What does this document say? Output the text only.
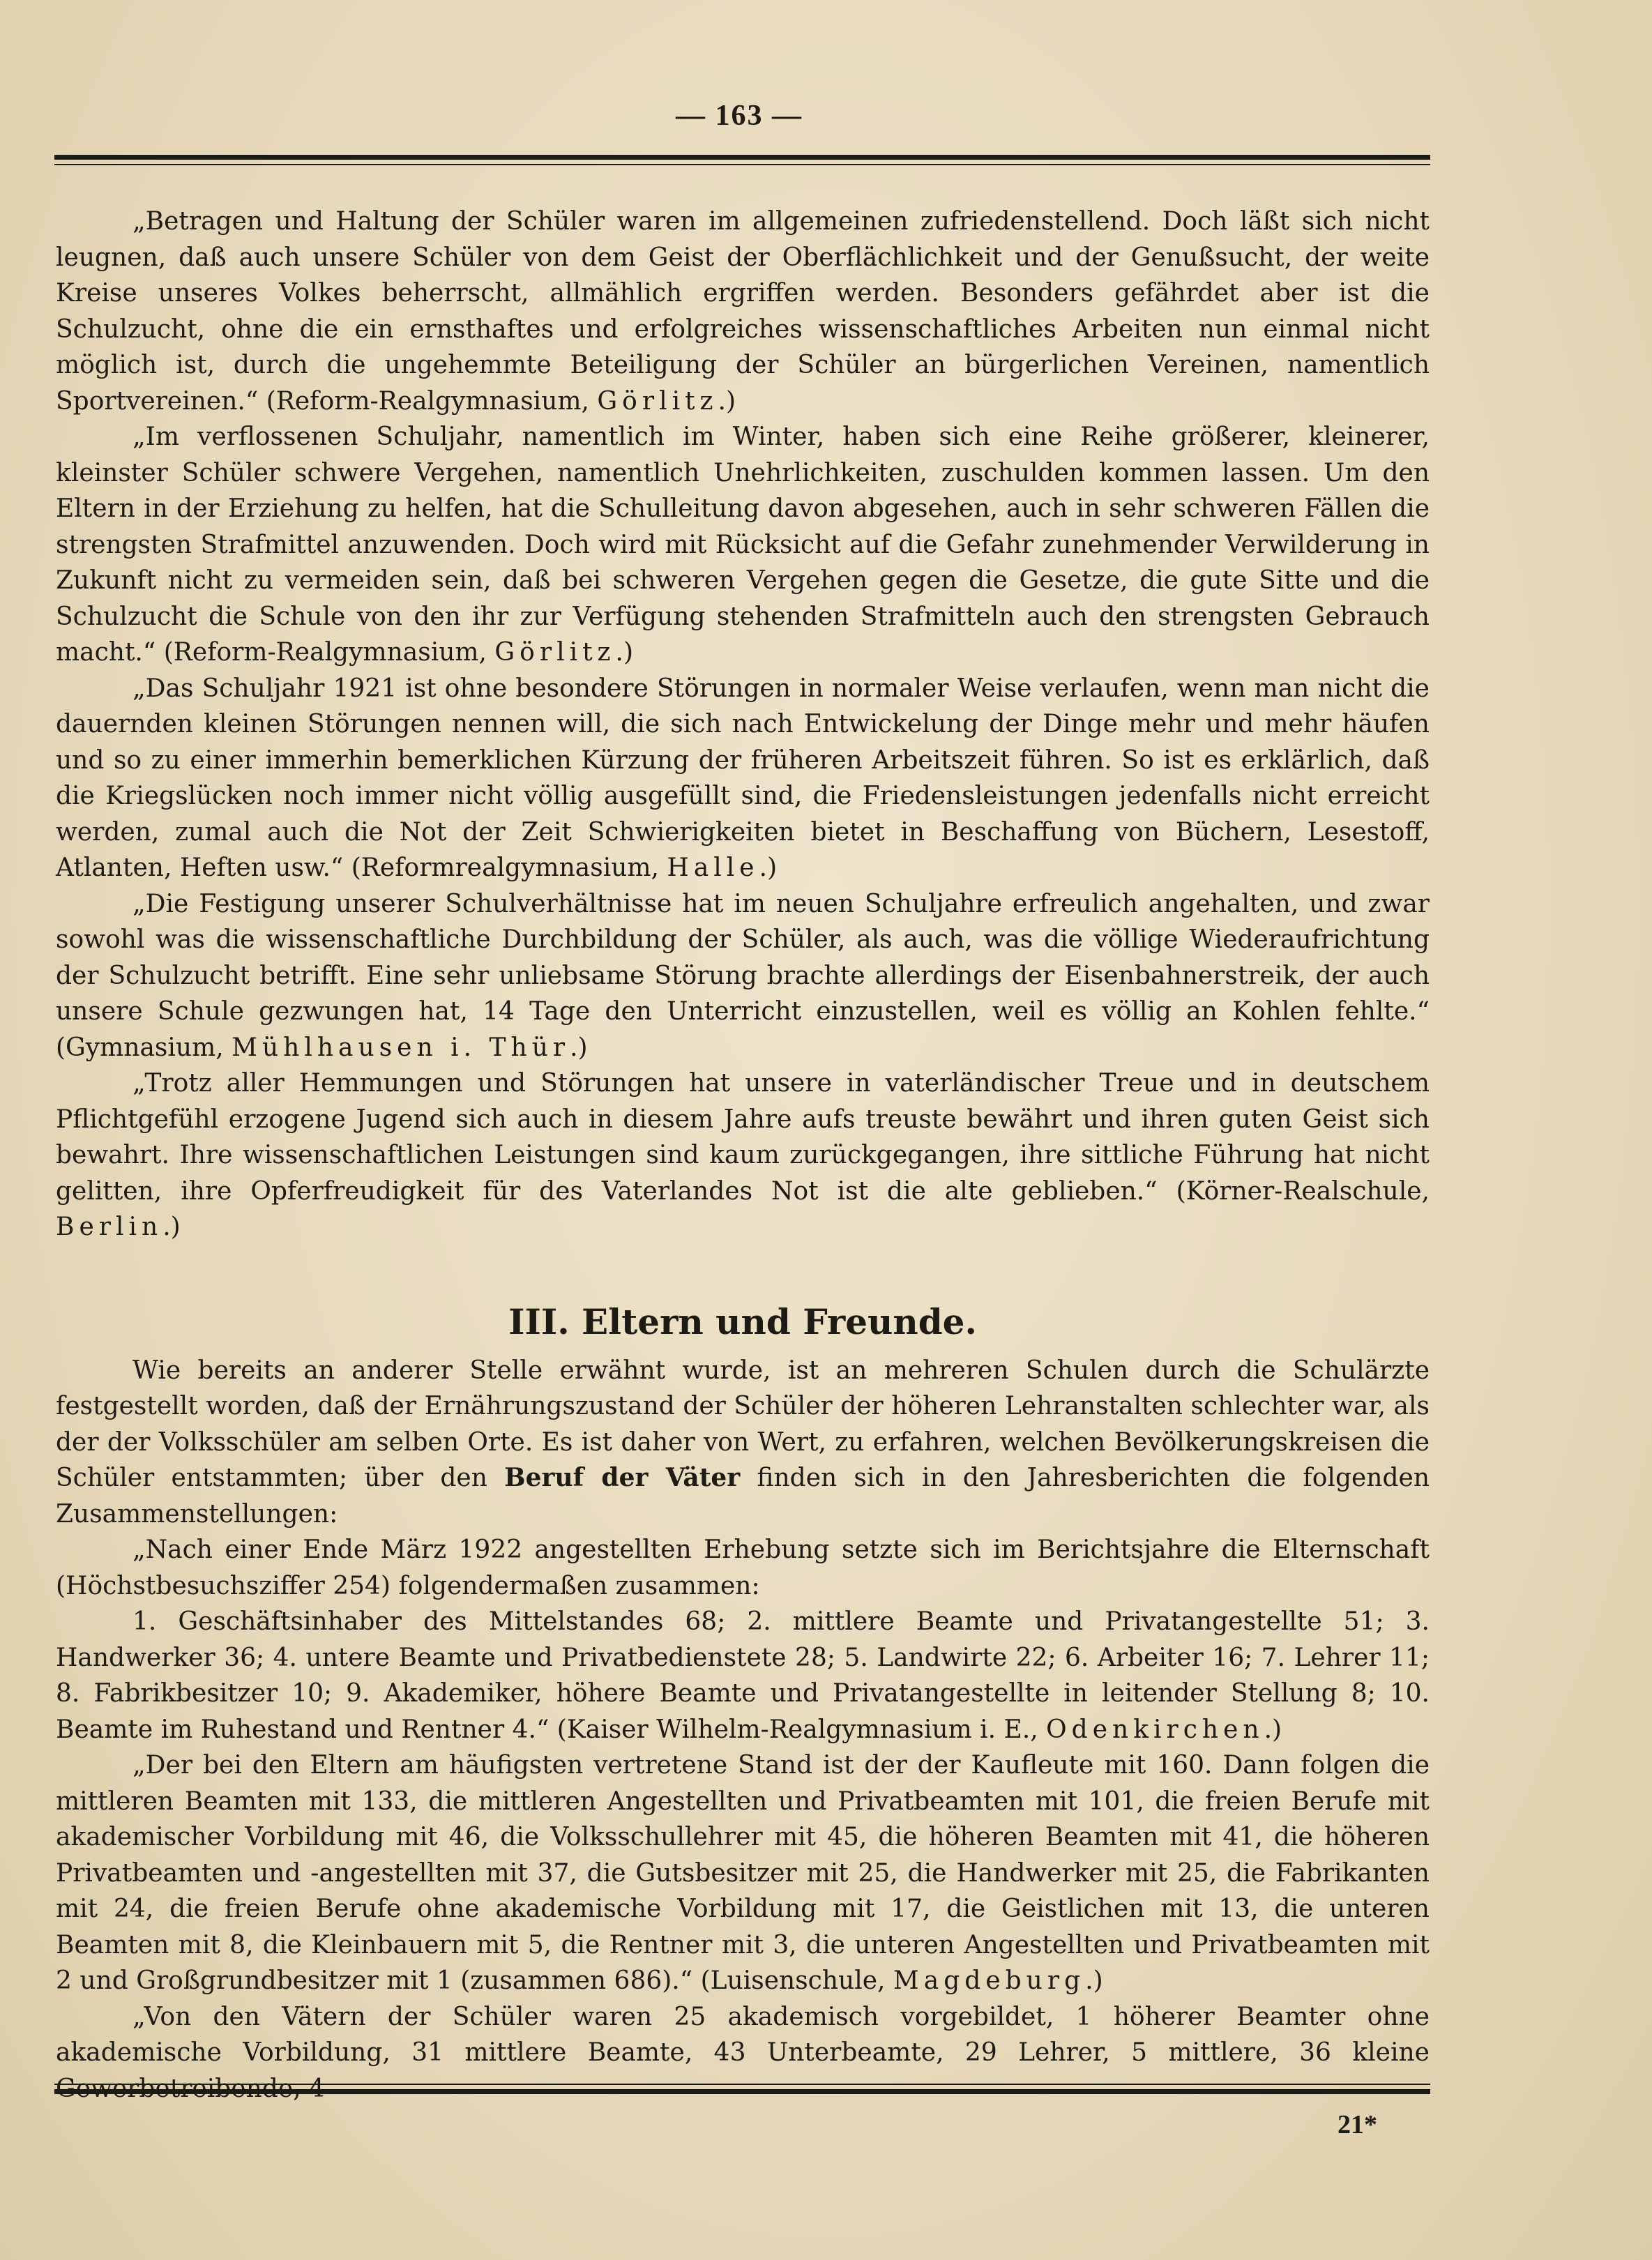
— 163 —

„Betragen und Haltung der Schüler waren im allgemeinen zufriedenstellend. Doch läßt sich nicht leugnen, daß auch unsere Schüler von dem Geist der Oberflächlichkeit und der Genußsucht, der weite Kreise unseres Volkes beherrscht, allmählich ergriffen werden. Besonders gefährdet aber ist die Schulzucht, ohne die ein ernsthaftes und erfolgreiches wissenschaftliches Arbeiten nun einmal nicht möglich ist, durch die ungehemmte Beteiligung der Schüler an bürgerlichen Vereinen, namentlich Sportvereinen.“ (Reform-Realgymnasium, Görlitz.)

„Im verflossenen Schuljahr, namentlich im Winter, haben sich eine Reihe größerer, kleinerer, kleinster Schüler schwere Vergehen, namentlich Unehrlichkeiten, zuschulden kommen lassen. Um den Eltern in der Erziehung zu helfen, hat die Schulleitung davon abgesehen, auch in sehr schweren Fällen die strengsten Strafmittel anzuwenden. Doch wird mit Rücksicht auf die Gefahr zunehmender Verwilderung in Zukunft nicht zu vermeiden sein, daß bei schweren Vergehen gegen die Gesetze, die gute Sitte und die Schulzucht die Schule von den ihr zur Verfügung stehenden Strafmitteln auch den strengsten Gebrauch macht.“ (Reform-Realgymnasium, Görlitz.)

„Das Schuljahr 1921 ist ohne besondere Störungen in normaler Weise verlaufen, wenn man nicht die dauernden kleinen Störungen nennen will, die sich nach Entwickelung der Dinge mehr und mehr häufen und so zu einer immerhin bemerklichen Kürzung der früheren Arbeitszeit führen. So ist es erklärlich, daß die Kriegslücken noch immer nicht völlig ausgefüllt sind, die Friedensleistungen jedenfalls nicht erreicht werden, zumal auch die Not der Zeit Schwierigkeiten bietet in Beschaffung von Büchern, Lesestoff, Atlanten, Heften usw.“ (Reformrealgymnasium, Halle.)

„Die Festigung unserer Schulverhältnisse hat im neuen Schuljahre erfreulich angehalten, und zwar sowohl was die wissenschaftliche Durchbildung der Schüler, als auch, was die völlige Wiederaufrichtung der Schulzucht betrifft. Eine sehr unliebsame Störung brachte allerdings der Eisenbahnerstreik, der auch unsere Schule gezwungen hat, 14 Tage den Unterricht einzustellen, weil es völlig an Kohlen fehlte.“ (Gymnasium, Mühlhausen i. Thür.)

„Trotz aller Hemmungen und Störungen hat unsere in vaterländischer Treue und in deutschem Pflichtgefühl erzogene Jugend sich auch in diesem Jahre aufs treuste bewährt und ihren guten Geist sich bewahrt. Ihre wissenschaftlichen Leistungen sind kaum zurückgegangen, ihre sittliche Führung hat nicht gelitten, ihre Opferfreudigkeit für des Vaterlandes Not ist die alte geblieben.“ (Körner-Realschule, Berlin.)

III. Eltern und Freunde.

Wie bereits an anderer Stelle erwähnt wurde, ist an mehreren Schulen durch die Schulärzte festgestellt worden, daß der Ernährungszustand der Schüler der höheren Lehranstalten schlechter war, als der der Volksschüler am selben Orte. Es ist daher von Wert, zu erfahren, welchen Bevölkerungskreisen die Schüler entstammten; über den Beruf der Väter finden sich in den Jahresberichten die folgenden Zusammenstellungen:

„Nach einer Ende März 1922 angestellten Erhebung setzte sich im Berichtsjahre die Elternschaft (Höchstbesuchsziffer 254) folgendermaßen zusammen:

1. Geschäftsinhaber des Mittelstandes 68; 2. mittlere Beamte und Privatangestellte 51; 3. Handwerker 36; 4. untere Beamte und Privatbedienstete 28; 5. Landwirte 22; 6. Arbeiter 16; 7. Lehrer 11; 8. Fabrikbesitzer 10; 9. Akademiker, höhere Beamte und Privatangestellte in leitender Stellung 8; 10. Beamte im Ruhestand und Rentner 4.“ (Kaiser Wilhelm-Realgymnasium i. E., Odenkirchen.)

„Der bei den Eltern am häufigsten vertretene Stand ist der der Kaufleute mit 160. Dann folgen die mittleren Beamten mit 133, die mittleren Angestellten und Privatbeamten mit 101, die freien Berufe mit akademischer Vorbildung mit 46, die Volksschullehrer mit 45, die höheren Beamten mit 41, die höheren Privatbeamten und -angestellten mit 37, die Gutsbesitzer mit 25, die Handwerker mit 25, die Fabrikanten mit 24, die freien Berufe ohne akademische Vorbildung mit 17, die Geistlichen mit 13, die unteren Beamten mit 8, die Kleinbauern mit 5, die Rentner mit 3, die unteren Angestellten und Privatbeamten mit 2 und Großgrundbesitzer mit 1 (zusammen 686).“ (Luisenschule, Magdeburg.)

„Von den Vätern der Schüler waren 25 akademisch vorgebildet, 1 höherer Beamter ohne akademische Vorbildung, 31 mittlere Beamte, 43 Unterbeamte, 29 Lehrer, 5 mittlere, 36 kleine Gewerbetreibende, 4

21*
